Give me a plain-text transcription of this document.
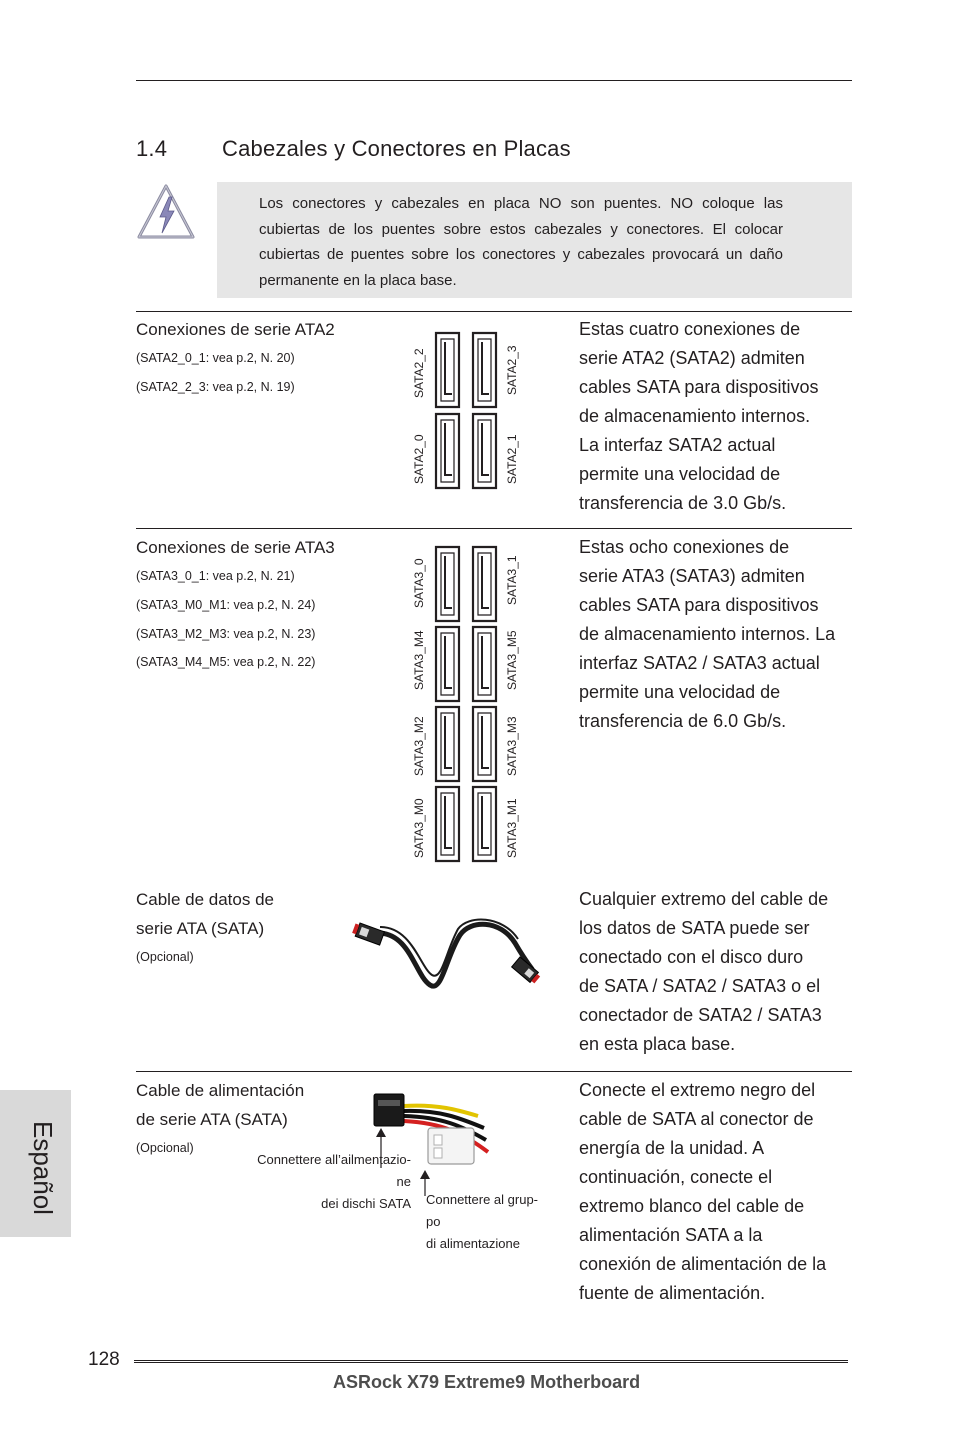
1.4 Cabezales y Conectores en Placas
Los conectores y cabezales en placa NO son puentes. NO coloque las cubiertas de los puentes sobre estos cabezales y conectores. El colocar cubiertas de puentes sobre los conectores y cabezales provocará un daño permanente en la placa base.
Conexiones de serie ATA2
(SATA2_0_1: vea p.2, N. 20)
(SATA2_2_3: vea p.2, N. 19)	SATA2_2	SATA2_3
SATA2_0	SATA2_1
Estas cuatro conexiones de
serie ATA2 (SATA2) admiten
cables SATA para dispositivos
de almacenamiento internos.
La interfaz SATA2 actual
permite una velocidad de
transferencia de 3.0 Gb/s.
Conexiones de serie ATA3
(SATA3_0_1: vea p.2, N. 21)
(SATA3_M0_M1: vea p.2, N. 24)
(SATA3_M2_M3: vea p.2, N. 23)
(SATA3_M4_M5: vea p.2, N. 22)
SATA3_0
SATA3_M4
SATA3_M2
SATA3_M0
SATA3_1
SATA3_M5
SATA3_M3
SATA3_M1
Estas ocho conexiones de
serie ATA3 (SATA3) admiten
cables SATA para dispositivos
de almacenamiento internos. La
interfaz SATA2 / SATA3 actual
permite una velocidad de
transferencia de 6.0 Gb/s.
Cable de datos de
serie ATA (SATA)
(Opcional)
Cualquier extremo del cable de
los datos de SATA puede ser
conectado con el disco duro
de SATA / SATA2 / SATA3 o el
conectador de SATA2 / SATA3
en esta placa base.
Cable de alimentación
de serie ATA (SATA)
(Opcional)
Connettere all’ailmentazio-
ne
dei dischi SATA Connettere al grup-
po
di alimentazione
Conecte el extremo negro del
cable de SATA al conector de
energía de la unidad. A
continuación, conecte el
extremo blanco del cable de
alimentación SATA a la
conexión de alimentación de la
fuente de alimentación.
Español
128
ASRock X79 Extreme9 Motherboard
